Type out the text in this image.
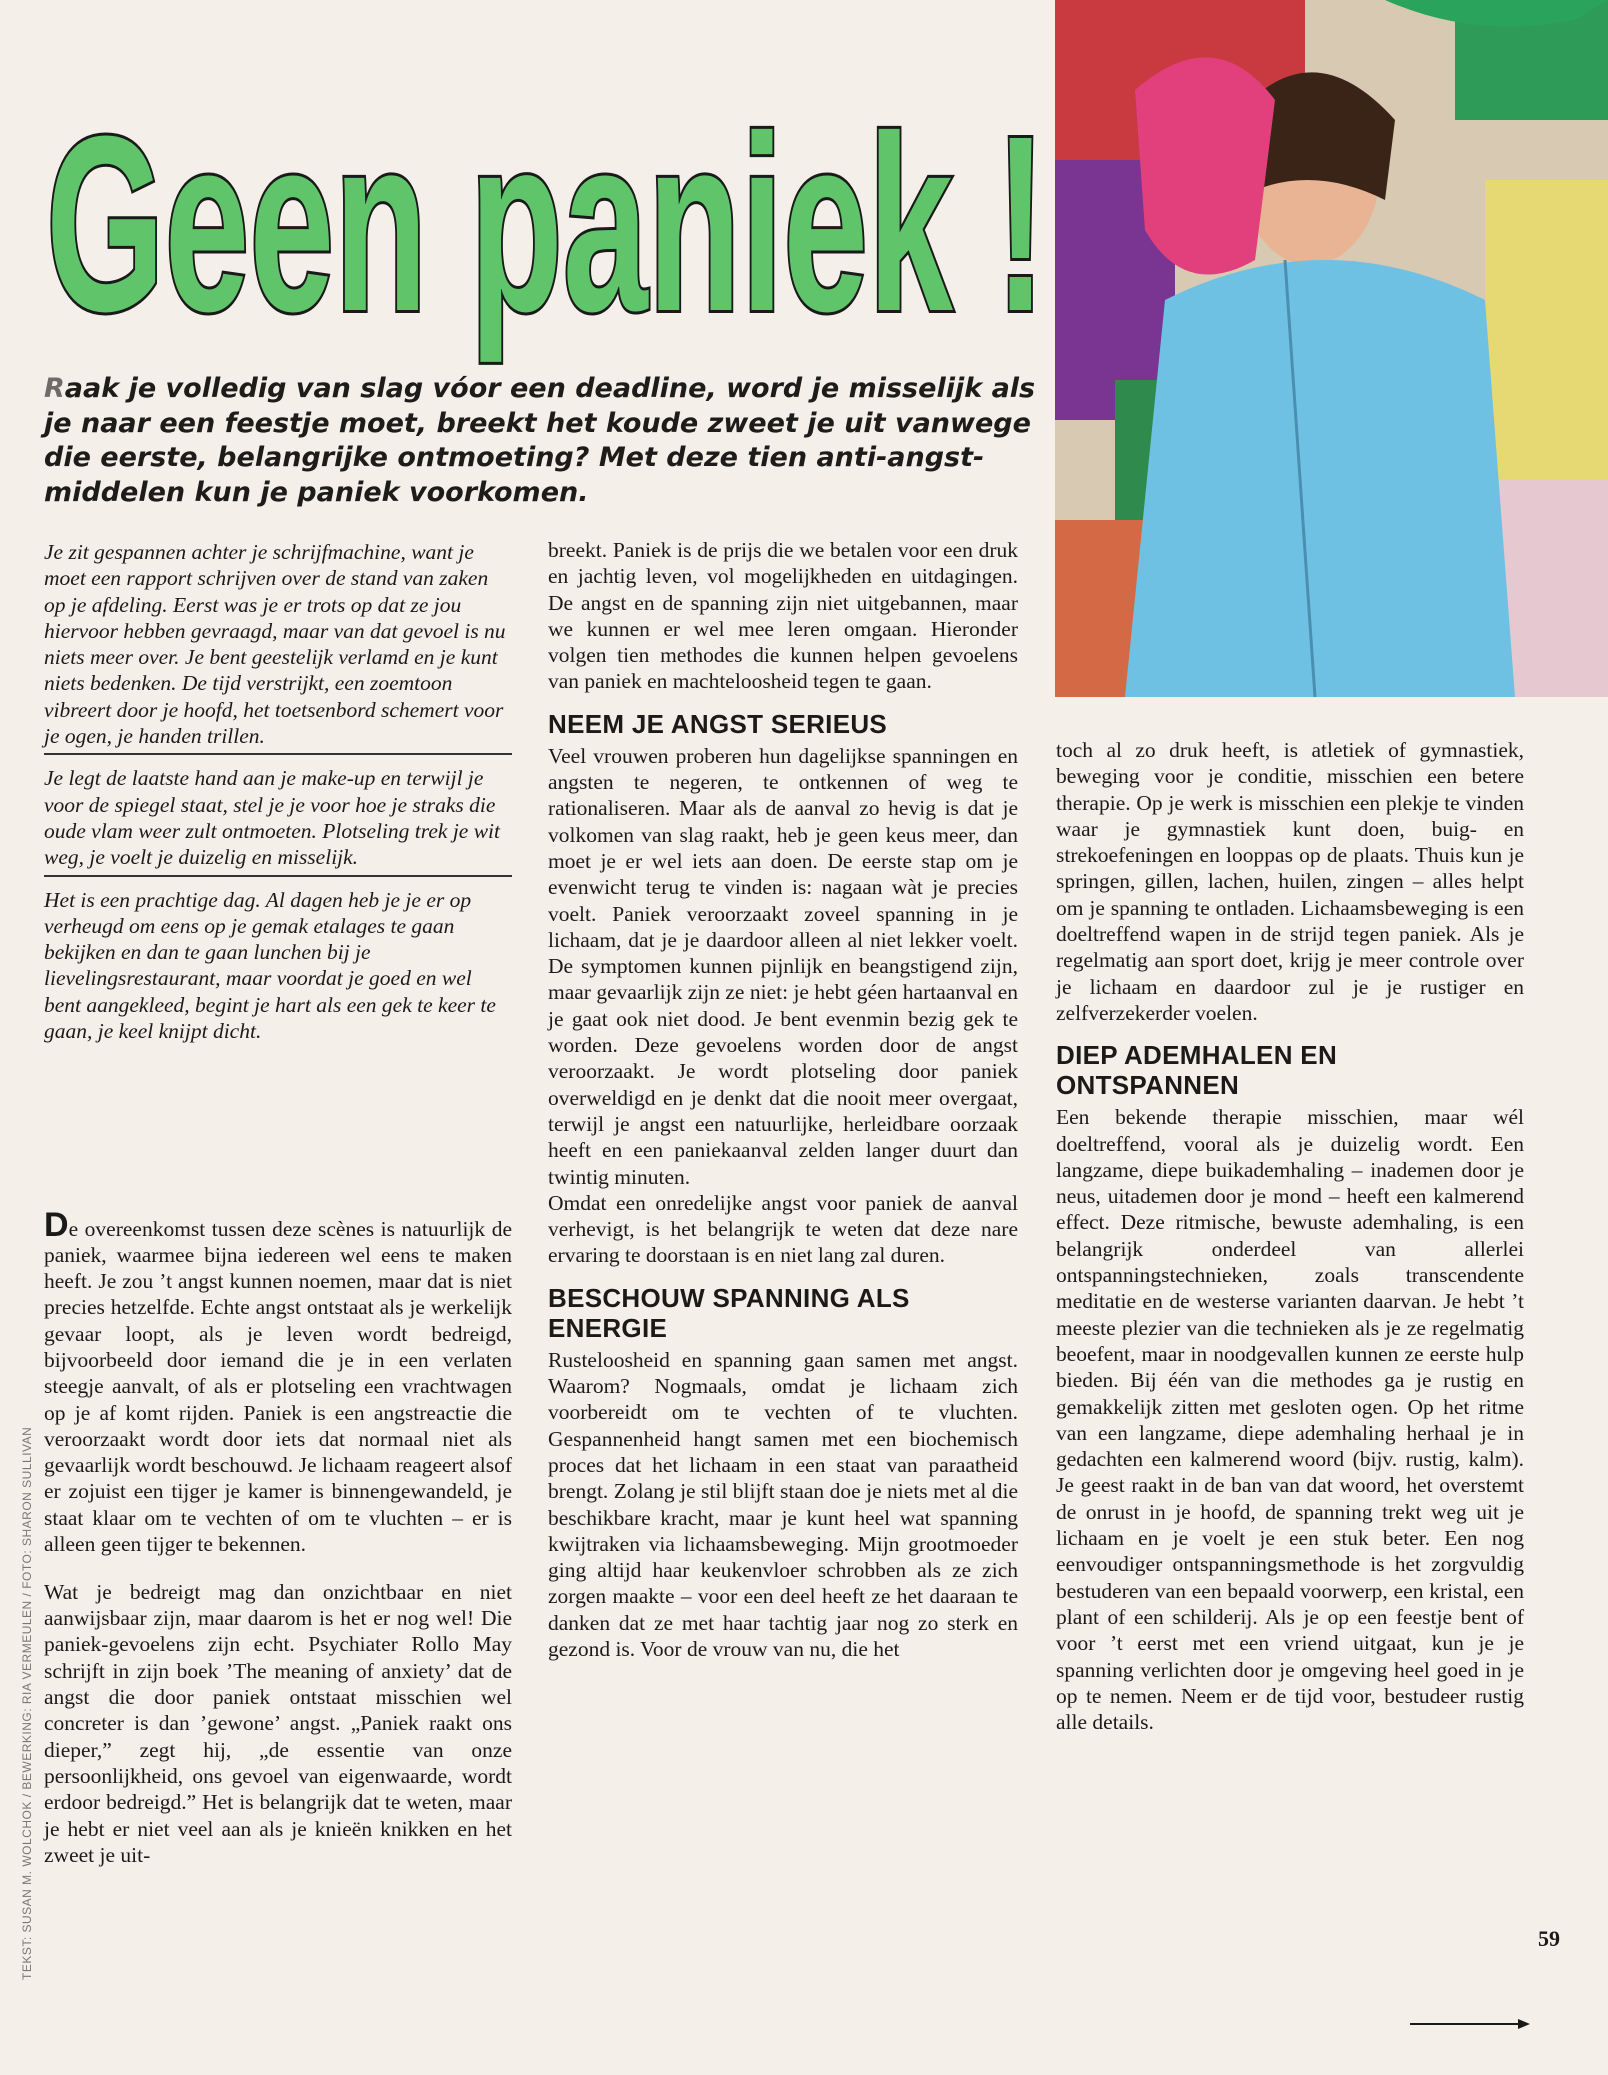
Geen paniek !
Raak je volledig van slag vóor een deadline, word je misselijk als je naar een feestje moet, breekt het koude zweet je uit vanwege die eerste, belangrijke ontmoeting? Met deze tien anti-angst-middelen kun je paniek voorkomen.
Je zit gespannen achter je schrijfmachine, want je moet een rapport schrijven over de stand van zaken op je afdeling. Eerst was je er trots op dat ze jou hiervoor hebben gevraagd, maar van dat gevoel is nu niets meer over. Je bent geestelijk verlamd en je kunt niets bedenken. De tijd verstrijkt, een zoemtoon vibreert door je hoofd, het toetsenbord schemert voor je ogen, je handen trillen.
Je legt de laatste hand aan je make-up en terwijl je voor de spiegel staat, stel je je voor hoe je straks die oude vlam weer zult ontmoeten. Plotseling trek je wit weg, je voelt je duizelig en misselijk.
Het is een prachtige dag. Al dagen heb je je er op verheugd om eens op je gemak etalages te gaan bekijken en dan te gaan lunchen bij je lievelingsrestaurant, maar voordat je goed en wel bent aangekleed, begint je hart als een gek te keer te gaan, je keel knijpt dicht.

De overeenkomst tussen deze scènes is natuurlijk de paniek, waarmee bijna iedereen wel eens te maken heeft. Je zou ’t angst kunnen noemen, maar dat is niet precies hetzelfde. Echte angst ontstaat als je werkelijk gevaar loopt, als je leven wordt bedreigd, bijvoorbeeld door iemand die je in een verlaten steegje aanvalt, of als er plotseling een vrachtwagen op je af komt rijden. Paniek is een angstreactie die veroorzaakt wordt door iets dat normaal niet als gevaarlijk wordt beschouwd. Je lichaam reageert alsof er zojuist een tijger je kamer is binnengewandeld, je staat klaar om te vechten of om te vluchten – er is alleen geen tijger te bekennen.

Wat je bedreigt mag dan onzichtbaar en niet aanwijsbaar zijn, maar daarom is het er nog wel! Die paniek-gevoelens zijn echt. Psychiater Rollo May schrijft in zijn boek ’The meaning of anxiety’ dat de angst die door paniek ontstaat misschien wel concreter is dan ’gewone’ angst. „Paniek raakt ons dieper,” zegt hij, „de essentie van onze persoonlijkheid, ons gevoel van eigenwaarde, wordt erdoor bedreigd.” Het is belangrijk dat te weten, maar je hebt er niet veel aan als je knieën knikken en het zweet je uit-

breekt. Paniek is de prijs die we betalen voor een druk en jachtig leven, vol mogelijkheden en uitdagingen. De angst en de spanning zijn niet uitgebannen, maar we kunnen er wel mee leren omgaan. Hieronder volgen tien methodes die kunnen helpen gevoelens van paniek en machteloosheid tegen te gaan.

NEEM JE ANGST SERIEUS

Veel vrouwen proberen hun dagelijkse spanningen en angsten te negeren, te ontkennen of weg te rationaliseren. Maar als de aanval zo hevig is dat je volkomen van slag raakt, heb je geen keus meer, dan moet je er wel iets aan doen. De eerste stap om je evenwicht terug te vinden is: nagaan wàt je precies voelt. Paniek veroorzaakt zoveel spanning in je lichaam, dat je je daardoor alleen al niet lekker voelt. De symptomen kunnen pijnlijk en beangstigend zijn, maar gevaarlijk zijn ze niet: je hebt géen hartaanval en je gaat ook niet dood. Je bent evenmin bezig gek te worden. Deze gevoelens worden door de angst veroorzaakt. Je wordt plotseling door paniek overweldigd en je denkt dat die nooit meer overgaat, terwijl je angst een natuurlijke, herleidbare oorzaak heeft en een paniekaanval zelden langer duurt dan twintig minuten.

Omdat een onredelijke angst voor paniek de aanval verhevigt, is het belangrijk te weten dat deze nare ervaring te doorstaan is en niet lang zal duren.

BESCHOUW SPANNING ALS ENERGIE

Rusteloosheid en spanning gaan samen met angst. Waarom? Nogmaals, omdat je lichaam zich voorbereidt om te vechten of te vluchten. Gespannenheid hangt samen met een biochemisch proces dat het lichaam in een staat van paraatheid brengt. Zolang je stil blijft staan doe je niets met al die beschikbare kracht, maar je kunt heel wat spanning kwijtraken via lichaamsbeweging. Mijn grootmoeder ging altijd haar keukenvloer schrobben als ze zich zorgen maakte – voor een deel heeft ze het daaraan te danken dat ze met haar tachtig jaar nog zo sterk en gezond is. Voor de vrouw van nu, die het

toch al zo druk heeft, is atletiek of gymnastiek, beweging voor je conditie, misschien een betere therapie. Op je werk is misschien een plekje te vinden waar je gymnastiek kunt doen, buig- en strekoefeningen en looppas op de plaats. Thuis kun je springen, gillen, lachen, huilen, zingen – alles helpt om je spanning te ontladen. Lichaamsbeweging is een doeltreffend wapen in de strijd tegen paniek. Als je regelmatig aan sport doet, krijg je meer controle over je lichaam en daardoor zul je je rustiger en zelfverzekerder voelen.

DIEP ADEMHALEN EN ONTSPANNEN

Een bekende therapie misschien, maar wél doeltreffend, vooral als je duizelig wordt. Een langzame, diepe buikademhaling – inademen door je neus, uitademen door je mond – heeft een kalmerend effect. Deze ritmische, bewuste ademhaling, is een belangrijk onderdeel van allerlei ontspanningstechnieken, zoals transcendente meditatie en de westerse varianten daarvan. Je hebt ’t meeste plezier van die technieken als je ze regelmatig beoefent, maar in noodgevallen kunnen ze eerste hulp bieden. Bij één van die methodes ga je rustig en gemakkelijk zitten met gesloten ogen. Op het ritme van een langzame, diepe ademhaling herhaal je in gedachten een kalmerend woord (bijv. rustig, kalm). Je geest raakt in de ban van dat woord, het overstemt de onrust in je hoofd, de spanning trekt weg uit je lichaam en je voelt je een stuk beter. Een nog eenvoudiger ontspanningsmethode is het zorgvuldig bestuderen van een bepaald voorwerp, een kristal, een plant of een schilderij. Als je op een feestje bent of voor ’t eerst met een vriend uitgaat, kun je je spanning verlichten door je omgeving heel goed in je op te nemen. Neem er de tijd voor, bestudeer rustig alle details.

TEKST: SUSAN M. WOLCHOK / BEWERKING: RIA VERMEULEN / FOTO: SHARON SULLIVAN	59
